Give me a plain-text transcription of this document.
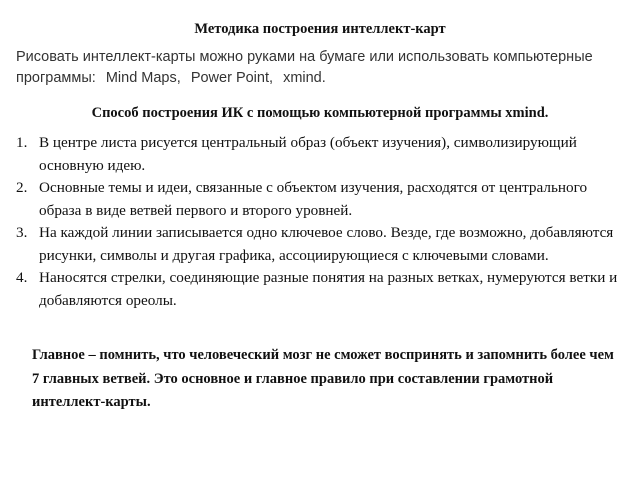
Методика построения интеллект-карт
Рисовать интеллект-карты можно руками на бумаге или использовать компьютерные программы: Mind Maps, Power Point, xmind.
Способ построения ИК с помощью компьютерной программы xmind.
1. В центре листа рисуется центральный образ (объект изучения), символизирующий основную идею.
2. Основные темы и идеи, связанные с объектом изучения, расходятся от центрального образа в виде ветвей первого и второго уровней.
3. На каждой линии записывается одно ключевое слово. Везде, где возможно, добавляются рисунки, символы и другая графика, ассоциирующиеся с ключевыми словами.
4. Наносятся стрелки, соединяющие разные понятия на разных ветках, нумеруются ветки и добавляются ореолы.
Главное – помнить, что человеческий мозг не сможет воспринять и запомнить более чем 7 главных ветвей. Это основное и главное правило при составлении грамотной интеллект-карты.
